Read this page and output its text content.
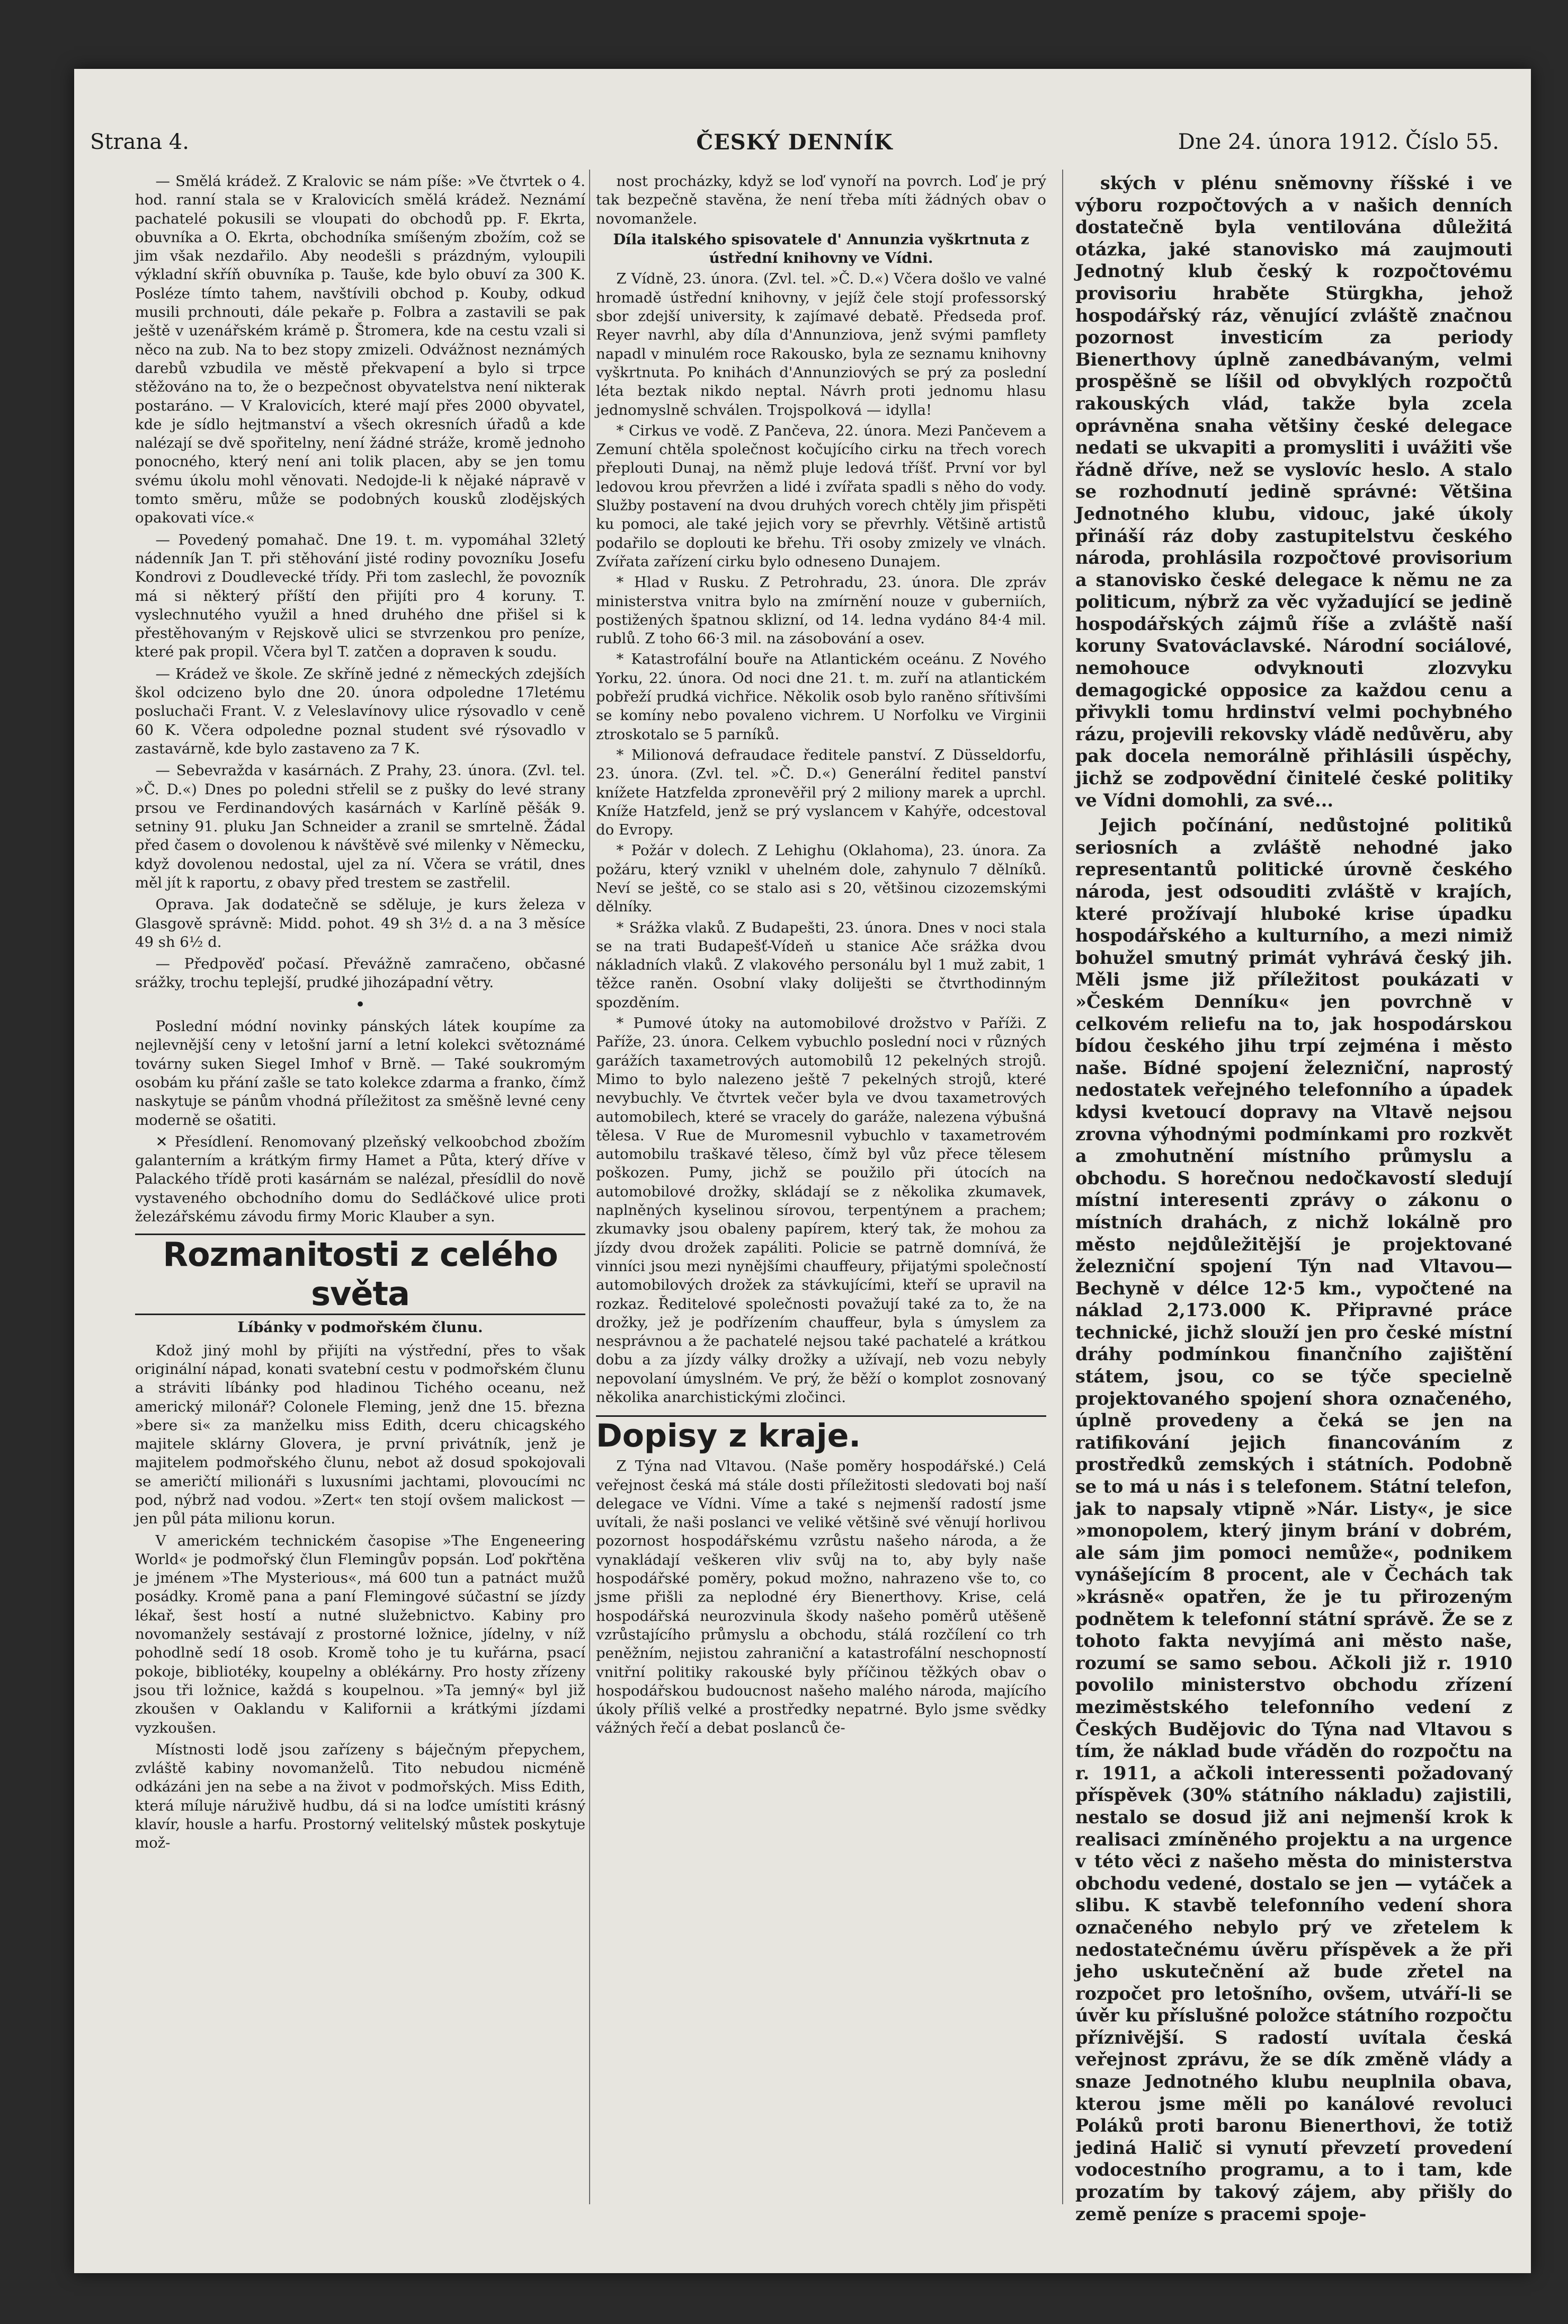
Strana 4.	ČESKÝ DENNÍK	Dne 24. února 1912. Číslo 55.

— Smělá krádež. Z Kralovic se nám píše: »Ve čtvrtek o 4. hod. ranní stala se v Kralovicích smělá krádež. Neznámí pachatelé pokusili se vloupati do obchodů pp. F. Ekrta, obuvníka a O. Ekrta, obchodníka smíšeným zbožím, což se jim však nezdařilo. Aby neodešli s prázdným, vyloupili výkladní skříň obuvníka p. Tauše, kde bylo obuví za 300 K. Posléze tímto tahem, navštívili obchod p. Kouby, odkud musili prchnouti, dále pekaře p. Folbra a zastavili se pak ještě v uzenářském krámě p. Štromera, kde na cestu vzali si něco na zub. Na to bez stopy zmizeli. Odvážnost neznámých darebů vzbudila ve městě překvapení a bylo si trpce stěžováno na to, že o bezpečnost obyvatelstva není nikterak postaráno. — V Kralovicích, které mají přes 2000 obyvatel, kde je sídlo hejtmanství a všech okresních úřadů a kde nalézají se dvě spořitelny, není žádné stráže, kromě jednoho ponocného, který není ani tolik placen, aby se jen tomu svému úkolu mohl věnovati. Nedojde-li k nějaké nápravě v tomto směru, může se podobných kousků zlodějských opakovati více.«

— Povedený pomahač. Dne 19. t. m. vypomáhal 32letý nádenník Jan T. při stěhování jisté rodiny povozníku Josefu Kondrovi z Doudlevecké třídy. Při tom zaslechl, že povozník má si některý příští den přijíti pro 4 koruny. T. vyslechnutého využil a hned druhého dne přišel si k přestěhovaným v Rejskově ulici se stvrzenkou pro peníze, které pak propil. Včera byl T. zatčen a dopraven k soudu.

— Krádež ve škole. Ze skříně jedné z německých zdejších škol odcizeno bylo dne 20. února odpoledne 17letému posluchači Frant. V. z Velеslavínovy ulice rýsovadlo v ceně 60 K. Včera odpoledne poznal student své rýsovadlo v zastavárně, kde bylo zastaveno za 7 K.

— Sebevražda v kasárnách. Z Prahy, 23. února. (Zvl. tel. »Č. D.«) Dnes po poledni střelil se z pušky do levé strany prsou ve Ferdinandových kasárnách v Karlíně pěšák 9. setniny 91. pluku Jan Schneider a zranil se smrtelně. Žádal před časem o dovolenou k návštěvě své milenky v Německu, když dovolenou nedostal, ujel za ní. Včera se vrátil, dnes měl jít k raportu, z obavy před trestem se zastřelil.

Oprava. Jak dodatečně se sděluje, je kurs železa v Glasgově správně: Midd. pohot. 49 sh 3½ d. a na 3 měsíce 49 sh 6½ d.

— Předpověď počasí. Převážně zamračeno, občasné srážky, trochu teplejší, prudké jihozápadní větry.

•

Poslední módní novinky pánských látek koupíme za nejlevnější ceny v letošní jarní a letní kolekci světoznámé továrny suken Siegel Imhof v Brně. — Také soukromým osobám ku přání zašle se tato kolekce zdarma a franko, čímž naskytuje se pánům vhodná příležitost za směšně levné ceny moderně se ošatiti.

✕ Přesídlení. Renomovaný plzeňský velkoobchod zbožím galanterním a krátkým firmy Hamet a Půta, který dříve v Palackého třídě proti kasárnám se nalézal, přesídlil do nově vystaveného obchodního domu do Sedláčkové ulice proti železářskému závodu firmy Moric Klauber a syn.

Rozmanitosti z celého světa
Líbánky v podmořském člunu.

Kdož jiný mohl by přijíti na výstřední, přes to však originální nápad, konati svatební cestu v podmořském člunu a stráviti líbánky pod hladinou Tichého oceanu, než americký milonář? Colonele Fleming, jenž dne 15. března »bere si« za manželku miss Edith, dceru chicagského majitele sklárny Glovera, je první privátník, jenž je majitelem podmořského člunu, nebot až dosud spokojovali se američtí milionáři s luxusními jachtami, plovoucími nc pod, nýbrž nad vodou. »Zert« ten stojí ovšem malickost — jen půl páta milionu korun.

V americkém technickém časopise »The Engeneering World« je podmořský člun Flemingův popsán. Loď pokřtěna je jménem »The Mysterious«, má 600 tun a patnáct mužů posádky. Kromě pana a paní Flemingové súčastní se jízdy lékař, šest hostí a nutné služebnictvo. Kabiny pro novomanžely sestávají z prostorné ložnice, jídelny, v níž pohodlně sedí 18 osob. Kromě toho je tu kuřárna, psací pokoje, bibliotéky, koupelny a oblékárny. Pro hosty zřízeny jsou tři ložnice, každá s koupelnou. »Ta jemný« byl již zkoušen v Oaklandu v Kalifornii a krátkými jízdami vyzkoušen.

Místnosti lodě jsou zařízeny s báječným přepychem, zvláště kabiny novomanželů. Tito nebudou nicméně odkázáni jen na sebe a na život v podmořských. Miss Edith, která míluje náruživě hudbu, dá si na loďce umístiti krásný klavír, housle a harfu. Prostorný velitelský můstek poskytuje mož-

nost procházky, když se loď vynoří na povrch. Loď je prý tak bezpečně stavěna, že není třeba míti žádných obav o novomanžele.

Díla italského spisovatele d' Annunzia vyškrtnuta z ústřední knihovny ve Vídni.

Z Vídně, 23. února. (Zvl. tel. »Č. D.«) Včera došlo ve valné hromadě ústřední knihovny, v jejíž čele stojí professorský sbor zdejší university, k zajímavé debatě. Předseda prof. Reyer navrhl, aby díla d'Annunziova, jenž svými pamflety napadl v minulém roce Rakousko, byla ze seznamu knihovny vyškrtnuta. Po knihách d'Annunziových se prý za poslední léta beztak nikdo neptal. Návrh proti jednomu hlasu jednomyslně schválen. Trojspolková — idylla!

* Cirkus ve vodě. Z Pančeva, 22. února. Mezi Pančevem a Zemuní chtěla společnost kočujícího cirku na třech vorech přeplouti Dunaj, na němž pluje ledová tříšť. První vor byl ledovou krou převržen a lidé i zvířata spadli s něho do vody. Služby postavení na dvou druhých vorech chtěly jim přispěti ku pomoci, ale také jejich vory se převrhly. Většině artistů podařilo se doplouti ke břehu. Tři osoby zmizely ve vlnách. Zvířata zařízení cirku bylo odneseno Dunajem.

* Hlad v Rusku. Z Petrohradu, 23. února. Dle zpráv ministerstva vnitra bylo na zmírnění nouze v guberniích, postižených špatnou sklizní, od 14. ledna vydáno 84·4 mil. rublů. Z toho 66·3 mil. na zásobování a osev.

* Katastrofální bouře na Atlantickém oceánu. Z Nového Yorku, 22. února. Od noci dne 21. t. m. zuří na atlantickém pobřeží prudká vichřice. Několik osob bylo raněno sřítivšími se komíny nebo povaleno vichrem. U Norfolku ve Virginii ztroskotalo se 5 parníků.

* Milionová defraudace ředitele panství. Z Düsseldorfu, 23. února. (Zvl. tel. »Č. D.«) Generální ředitel panství knížete Hatzfelda zpronevěřil prý 2 miliony marek a uprchl. Kníže Hatzfeld, jenž se prý vyslancem v Kahýře, odcestoval do Evropy.

* Požár v dolech. Z Lehighu (Oklahoma), 23. února. Za požáru, který vznikl v uhelném dole, zahynulo 7 dělníků. Neví se ještě, co se stalo asi s 20, většinou cizozemskými dělníky.

* Srážka vlaků. Z Budapešti, 23. února. Dnes v noci stala se na trati Budapešť-Vídeň u stanice Ače srážka dvou nákladních vlaků. Z vlakového personálu byl 1 muž zabit, 1 těžce raněn. Osobní vlaky doliješti se čtvrthodinným spozděním.

* Pumové útoky na automobilové drožstvo v Paříži. Z Paříže, 23. února. Celkem vybuchlo poslední noci v různých garážích taxametrových automobilů 12 pekelných strojů. Mimo to bylo nalezeno ještě 7 pekelných strojů, které nevybuchly. Ve čtvrtek večer byla ve dvou taxametrových automobilech, které se vracely do garáže, nalezena výbušná tělesa. V Rue de Muromesnil vybuchlo v taxametrovém automobilu traškavé těleso, čímž byl vůz přece tělesem poškozen. Pumy, jichž se použilo při útocích na automobilové drožky, skládají se z několika zkumavek, naplněných kyselinou sírovou, terpentýnem a prachem; zkumavky jsou obaleny papírem, který tak, že mohou za jízdy dvou drožek zapáliti. Policie se patrně domnívá, že vinníci jsou mezi nynějšími chauffeury, přijatými společností automobilových drožek za stávkujícími, kteří se upravil na rozkaz. Ředitelové společnosti považují také za to, že na drožky, jež je podřízením chauffeur, byla s úmyslem za nesprávnou a že pachatelé nejsou také pachatelé a krátkou dobu a za jízdy války drožky a užívají, neb vozu nebyly nepovolaní úmyslném. Ve prý, že běží o komplot zosnovaný několika anarchistickými zločinci.

Dopisy z kraje.

Z Týna nad Vltavou. (Naše poměry hospodářské.) Celá veřejnost česká má stále dosti příležitosti sledovati boj naší delegace ve Vídni. Víme a také s nejmenší radostí jsme uvítali, že naši poslanci ve veliké většině své věnují horlivou pozornost hospodářskému vzrůstu našeho národa, a že vynakládají veškeren vliv svůj na to, aby byly naše hospodářské poměry, pokud možno, nahrazeno vše to, co jsme přišli za neplodné éry Bienerthovy. Krise, celá hospodářská neurozvinula škody našeho poměrů utěšeně vzrůstajícího průmyslu a obchodu, stálá rozčílení co trh peněžním, nejistou zahraniční a katastrofální neschopností vnitřní politiky rakouské byly příčinou těžkých obav o hospodářskou budoucnost našeho malého národa, majícího úkoly příliš velké a prostředky nepatrné. Bylo jsme svědky vážných řečí a debat poslanců če-

ských v plénu sněmovny říšské i ve výboru rozpočtových a v našich denních dostatečně byla ventilována důležitá otázka, jaké stanovisko má zaujmouti Jednotný klub český k rozpočtovému provisoriu hraběte Stürgkha, jehož hospodářský ráz, věnující zvláště značnou pozornost investicím za periody Bienerthovy úplně zanedbávaným, velmi prospěšně se líšil od obvyklých rozpočtů rakouských vlád, takže byla zcela oprávněna snaha většiny české delegace nedati se ukvapiti a promysliti i uvážiti vše řádně dříve, než se vyslovíc heslo. A stalo se rozhodnutí jedině správné: Většina Jednotného klubu, vidouc, jaké úkoly přináší ráz doby zastupitelstvu českého národa, prohlásila rozpočtové provisorium a stanovisko české delegace k němu ne za politicum, nýbrž za věc vyžadující se jedině hospodářských zájmů říše a zvláště naší koruny Svatováclavské. Národní sociálové, nemohouce odvyknouti zlozvyku demagogické opposice za každou cenu a přivykli tomu hrdinství velmi pochybného rázu, projevili rekovsky vládě nedůvěru, aby pak docela nemorálně přihlásili úspěchy, jichž se zodpovědní činitelé české politiky ve Vídni domohli, za své...

Jejich počínání, nedůstojné politiků seriosních a zvláště nehodné jako representantů politické úrovně českého národa, jest odsouditi zvláště v krajích, které prožívají hluboké krise úpadku hospodářského a kulturního, a mezi nimiž bohužel smutný primát vyhrává český jih. Měli jsme již příležitost poukázati v »Českém Denníku« jen povrchně v celkovém reliefu na to, jak hospodárskou bídou českého jihu trpí zejména i město naše. Bídné spojení železniční, naprostý nedostatek veřejného telefonního a úpadek kdysi kvetoucí dopravy na Vltavě nejsou zrovna výhodnými podmínkami pro rozkvět a zmohutnění místního průmyslu a obchodu. S horečnou nedočkavostí sledují místní interesenti zprávy o zákonu o místních drahách, z nichž lokálně pro město nejdůležitější je projektované železniční spojení Týn nad Vltavou—Bechyně v délce 12·5 km., vypočtené na náklad 2,173.000 K. Připravné práce technické, jichž slouží jen pro české místní dráhy podmínkou finančního zajištění státem, jsou, co se týče specielně projektovaného spojení shora označeného, úplně provedeny a čeká se jen na ratifikování jejich financováním z prostředků zemských i státních. Podobně se to má u nás i s telefonem. Státní telefon, jak to napsaly vtipně »Nár. Listy«, je sice »monopolem, který jinym brání v dobrém, ale sám jim pomoci nemůže«, podnikem vynášejícím 8 procent, ale v Čechách tak »krásně« opatřen, že je tu přirozeným podnětem k telefonní státní správě. Že se z tohoto fakta nevyjímá ani město naše, rozumí se samo sebou. Ačkoli již r. 1910 povolilo ministerstvo obchodu zřízení meziměstského telefonního vedení z Českých Budějovic do Týna nad Vltavou s tím, že náklad bude vřáděn do rozpočtu na r. 1911, a ačkoli interessenti požadovaný příspěvek (30% státního nákladu) zajistili, nestalo se dosud již ani nejmenší krok k realisaci zmíněného projektu a na urgence v této věci z našeho města do ministerstva obchodu vedené, dostalo se jen — vytáček a slibu. K stavbě telefonního vedení shora označeného nebylo prý ve zřetelem k nedostatečnému úvěru příspěvek a že při jeho uskutečnění až bude zřetel na rozpočet pro letošního, ovšem, utváří-li se úvěr ku příslušné položce státního rozpočtu příznivější. S radostí uvítala česká veřejnost zprávu, že se dík změně vlády a snaze Jednotného klubu neuplnila obava, kterou jsme měli po kanálové revoluci Poláků proti baronu Bienerthovi, že totiž jediná Halič si vynutí převzetí provedení vodocestního programu, a to i tam, kde prozatím by takový zájem, aby přišly do země peníze s pracemi spoje-
